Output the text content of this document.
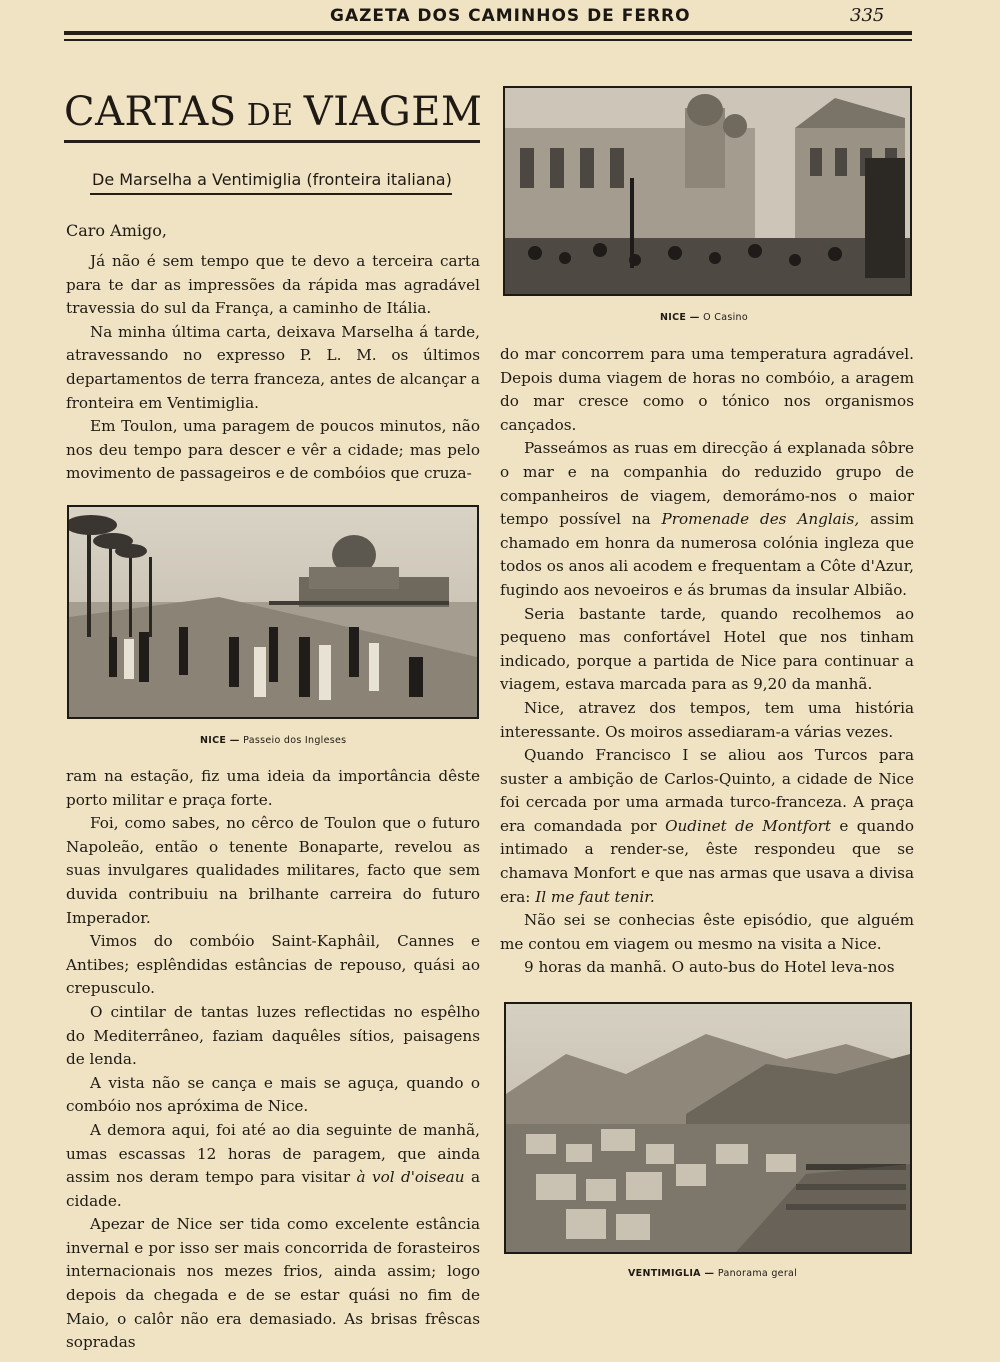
GAZETA DOS CAMINHOS DE FERRO	335
CARTAS DE VIAGEM
De Marselha a Ventimiglia (fronteira italiana)
Caro Amigo,

Já não é sem tempo que te devo a terceira carta para te dar as impressões da rápida mas agradável travessia do sul da França, a caminho de Itália.

Na minha última carta, deixava Marselha á tarde, atravessando no expresso P. L. M. os últimos departamentos de terra franceza, antes de alcançar a fronteira em Ventimiglia.

Em Toulon, uma paragem de poucos minutos, não nos deu tempo para descer e vêr a cidade; mas pelo movimento de passageiros e de combóios que cruza-

NICE — Passeio dos Ingleses

ram na estação, fiz uma ideia da importância dêste porto militar e praça forte.

Foi, como sabes, no cêrco de Toulon que o futuro Napoleão, então o tenente Bonaparte, revelou as suas invulgares qualidades militares, facto que sem duvida contribuiu na brilhante carreira do futuro Imperador.

Vimos do combóio Saint-Kaphâil, Cannes e Antibes; esplêndidas estâncias de repouso, quási ao crepusculo.

O cintilar de tantas luzes reflectidas no espêlho do Mediterrâneo, faziam daquêles sítios, paisagens de lenda.

A vista não se cança e mais se aguça, quando o combóio nos apróxima de Nice.

A demora aqui, foi até ao dia seguinte de manhã, umas escassas 12 horas de paragem, que ainda assim nos deram tempo para visitar à vol d'oiseau a cidade.

Apezar de Nice ser tida como excelente estância invernal e por isso ser mais concorrida de forasteiros internacionais nos mezes frios, ainda assim; logo depois da chegada e de se estar quási no fim de Maio, o calôr não era demasiado. As brisas frêscas sopradas

NICE — O Casino

do mar concorrem para uma temperatura agradável. Depois duma viagem de horas no combóio, a aragem do mar cresce como o tónico nos organismos cançados.

Passeámos as ruas em direcção á explanada sôbre o mar e na companhia do reduzido grupo de companheiros de viagem, demorámo-nos o maior tempo possível na Promenade des Anglais, assim chamado em honra da numerosa colónia ingleza que todos os anos ali acodem e frequentam a Côte d'Azur, fugindo aos nevoeiros e ás brumas da insular Albião.

Seria bastante tarde, quando recolhemos ao pequeno mas confortável Hotel que nos tinham indicado, porque a partida de Nice para continuar a viagem, estava marcada para as 9,20 da manhã.

Nice, atravez dos tempos, tem uma história interessante. Os moiros assediaram-a várias vezes.

Quando Francisco I se aliou aos Turcos para suster a ambição de Carlos-Quinto, a cidade de Nice foi cercada por uma armada turco-franceza. A praça era comandada por Oudinet de Montfort e quando intimado a render-se, êste respondeu que se chamava Monfort e que nas armas que usava a divisa era: Il me faut tenir.

Não sei se conhecias êste episódio, que alguém me contou em viagem ou mesmo na visita a Nice.

9 horas da manhã. O auto-bus do Hotel leva-nos

VENTIMIGLIA — Panorama geral
